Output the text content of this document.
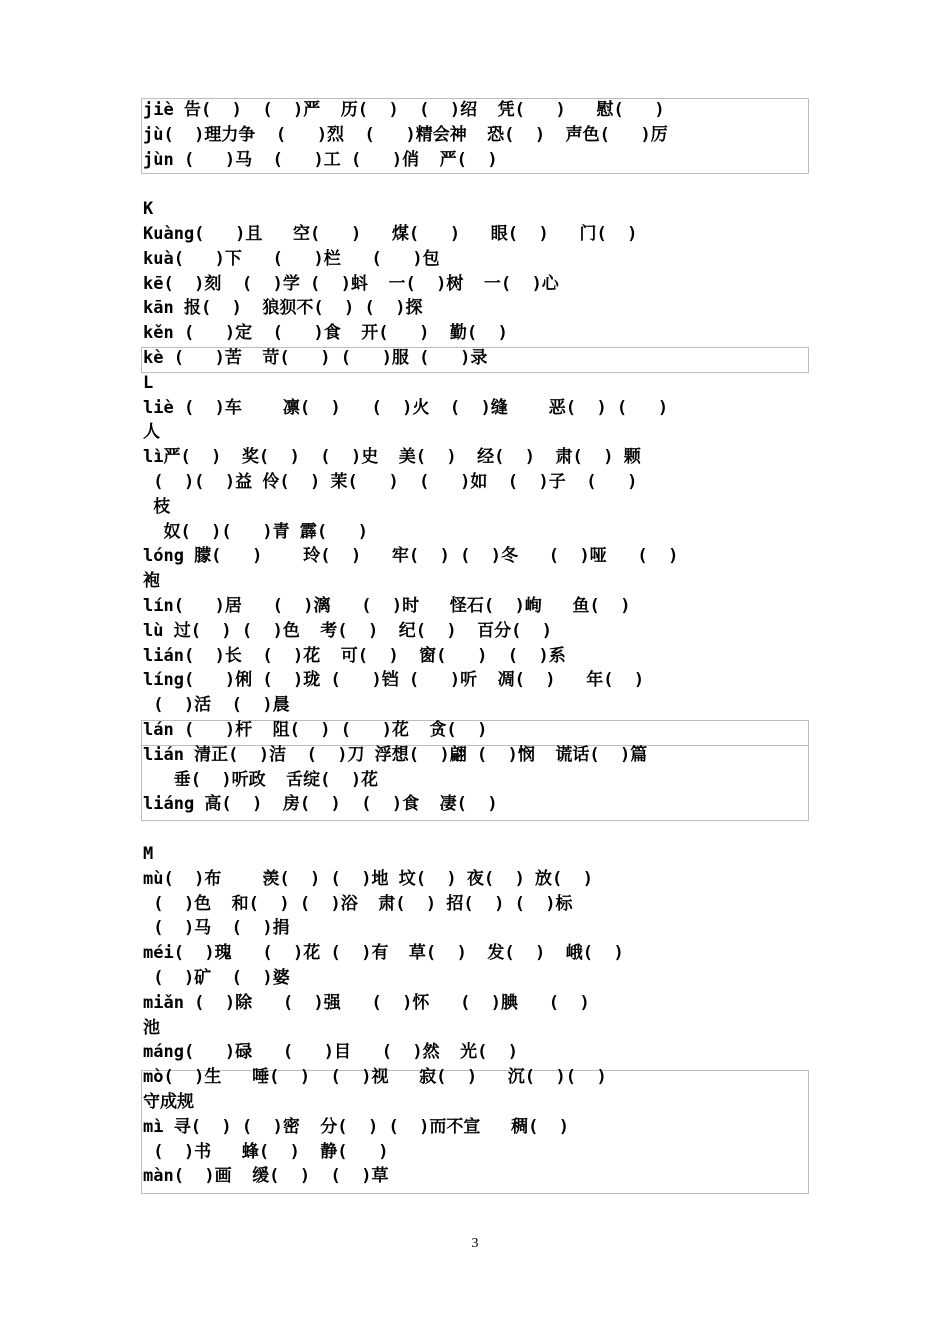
jiè 告(  )  (  )严  历(  )  (  )绍  凭(   )   慰(   )
jù(  )理力争  (   )烈  (   )精会神  恐(  )  声色(   )厉
jùn (   )马  (   )工 (   )俏  严(  )
K
Kuàng(   )且   空(   )   煤(   )   眼(  )   门(  )
kuà(   )下   (   )栏   (   )包
kē(  )刻  (  )学 (  )蚪  一(  )树  一(  )心
kān 报(  )  狼狈不(  ) (  )探
kěn (   )定  (   )食  开(   )  勤(  )
kè (   )苦  苛(   ) (   )服 (   )录
L
liè (  )车    凛(  )   (  )火  (  )缝    恶(  ) (   )
人
lì严(  )  奖(  )  (  )史  美(  )  经(  )  肃(  ) 颗
(  )(  )益 伶(  ) 茉(   )  (   )如  (  )子  (   )
枝
奴(  )(   )青 霹(   )
lóng 朦(   )    玲(  )   牢(  ) (  )冬   (  )哑   (  )
袍
lín(   )居   (  )漓   (  )时   怪石(  )峋   鱼(  )
lù 过(  ) (  )色  考(  )  纪(  )  百分(  )
lián(  )长  (  )花  可(  )  窗(   )  (  )系
líng(   )俐 (  )珑 (   )铛 (   )听  凋(  )   年(  )
(  )活  (  )晨
lán (   )杆  阻(  ) (   )花  贪(  )
lián 清正(  )洁  (  )刀 浮想(  )翩 (  )悯  谎话(  )篇
垂(  )听政  舌绽(  )花
liáng 高(  )  房(  )  (  )食  凄(  )
M
mù(  )布    羡(  ) (  )地 坟(  ) 夜(  ) 放(  )
(  )色  和(  ) (  )浴  肃(  ) 招(  ) (  )标
(  )马  (  )捐
méi(  )瑰   (  )花 (  )有  草(  )  发(  )  峨(  )
(  )矿  (  )婆
miǎn (  )除   (  )强   (  )怀   (  )腆   (  )
池
máng(   )碌   (   )目   (  )然  光(  )
mò(  )生   唾(  )  (  )视   寂(  )   沉(  )(  )
守成规
mì 寻(  ) (  )密  分(  ) (  )而不宣   稠(  )
(  )书   蜂(  )  静(   )
màn(  )画  缓(  )  (  )草
3
